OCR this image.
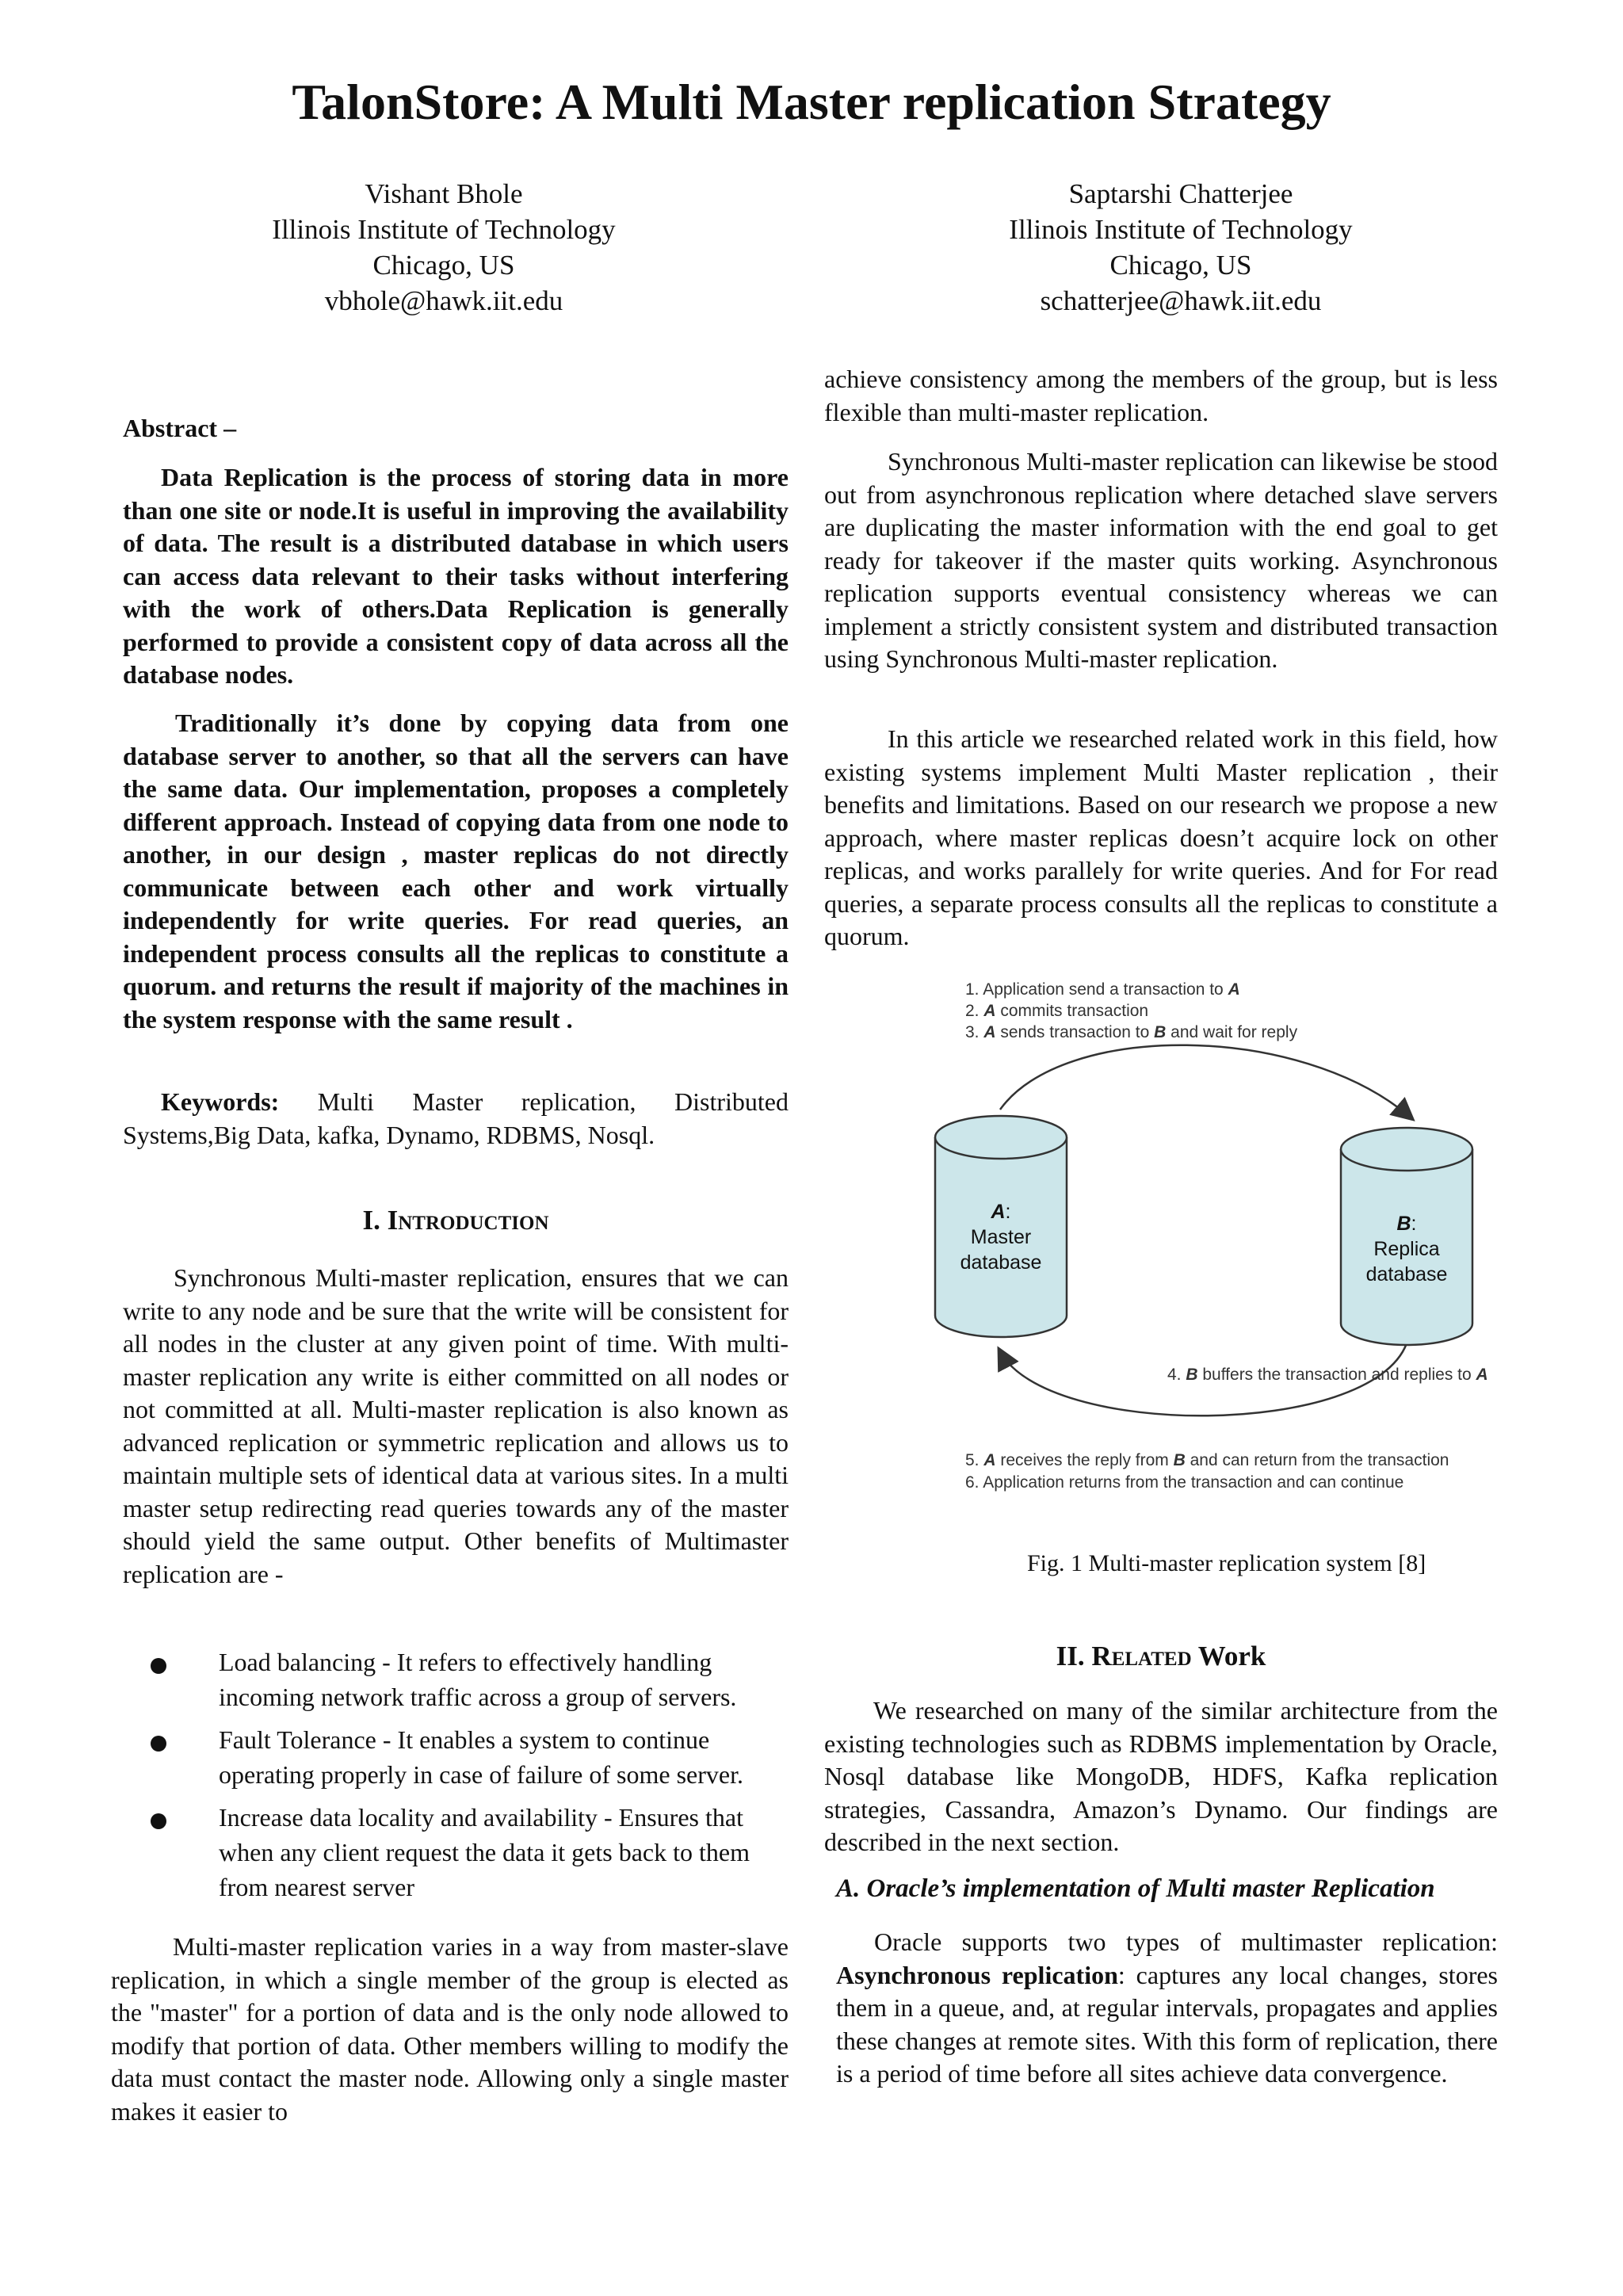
TalonStore: A Multi Master replication Strategy
Vishant Bhole
Illinois Institute of Technology
Chicago, US
vbhole@hawk.iit.edu
Saptarshi Chatterjee
Illinois Institute of Technology
Chicago, US
schatterjee@hawk.iit.edu
Abstract –

Data Replication is the process of storing data in more than one site or node.It is useful in improving the availability of data. The result is a distributed database in which users can access data relevant to their tasks without interfering with the work of others.Data Replication is generally performed to provide a consistent copy of data across all the database nodes.

Traditionally it’s done by copying data from one database server to another, so that all the servers can have the same data. Our implementation, proposes a completely different approach. Instead of copying data from one node to another, in our design , master replicas do not directly communicate between each other and work virtually independently for write queries. For read queries, an independent process consults all the replicas to constitute a quorum. and returns the result if majority of the machines in the system response with the same result .

Keywords: Multi Master replication, Distributed Systems,Big Data, kafka, Dynamo, RDBMS, Nosql.

I. Introduction

Synchronous Multi-master replication, ensures that we can write to any node and be sure that the write will be consistent for all nodes in the cluster at any given point of time. With multi-master replication any write is either committed on all nodes or not committed at all. Multi-master replication is also known as advanced replication or symmetric replication and allows us to maintain multiple sets of identical data at various sites. In a multi master setup redirecting read queries towards any of the master should yield the same output. Other benefits of Multimaster replication are -

Load balancing - It refers to effectively handling incoming network traffic across a group of servers.
Fault Tolerance - It enables a system to continue operating properly in case of failure of some server.
Increase data locality and availability - Ensures that when any client request the data it gets back to them from nearest server

Multi-master replication varies in a way from master-slave replication, in which a single member of the group is elected as the "master" for a portion of data and is the only node allowed to modify that portion of data. Other members willing to modify the data must contact the master node. Allowing only a single master makes it easier to

achieve consistency among the members of the group, but is less flexible than multi-master replication.

Synchronous Multi-master replication can likewise be stood out from asynchronous replication where detached slave servers are duplicating the master information with the end goal to get ready for takeover if the master quits working. Asynchronous replication supports eventual consistency whereas we can implement a strictly consistent system and distributed transaction using Synchronous Multi-master replication.

In this article we researched related work in this field, how existing systems implement Multi Master replication , their benefits and limitations. Based on our research we propose a new approach, where master replicas doesn’t acquire lock on other replicas, and works parallely for write queries. And for For read queries, a separate process consults all the replicas to constitute a quorum.

1. Application send a transaction to A
2. A commits transaction
3. A sends transaction to B and wait for reply
A:
Master
database
B:
Replica
database
4. B buffers the transaction and replies to A
5. A receives the reply from B and can return from the transaction
6. Application returns from the transaction and can continue
Fig. 1 Multi-master replication system [8]
II. Related Work

We researched on many of the similar architecture from the existing technologies such as RDBMS implementation by Oracle, Nosql database like MongoDB, HDFS, Kafka replication strategies, Cassandra, Amazon’s Dynamo. Our findings are described in the next section.

A. Oracle’s implementation of Multi master Replication

Oracle supports two types of multimaster replication: Asynchronous replication: captures any local changes, stores them in a queue, and, at regular intervals, propagates and applies these changes at remote sites. With this form of replication, there is a period of time before all sites achieve data convergence.
